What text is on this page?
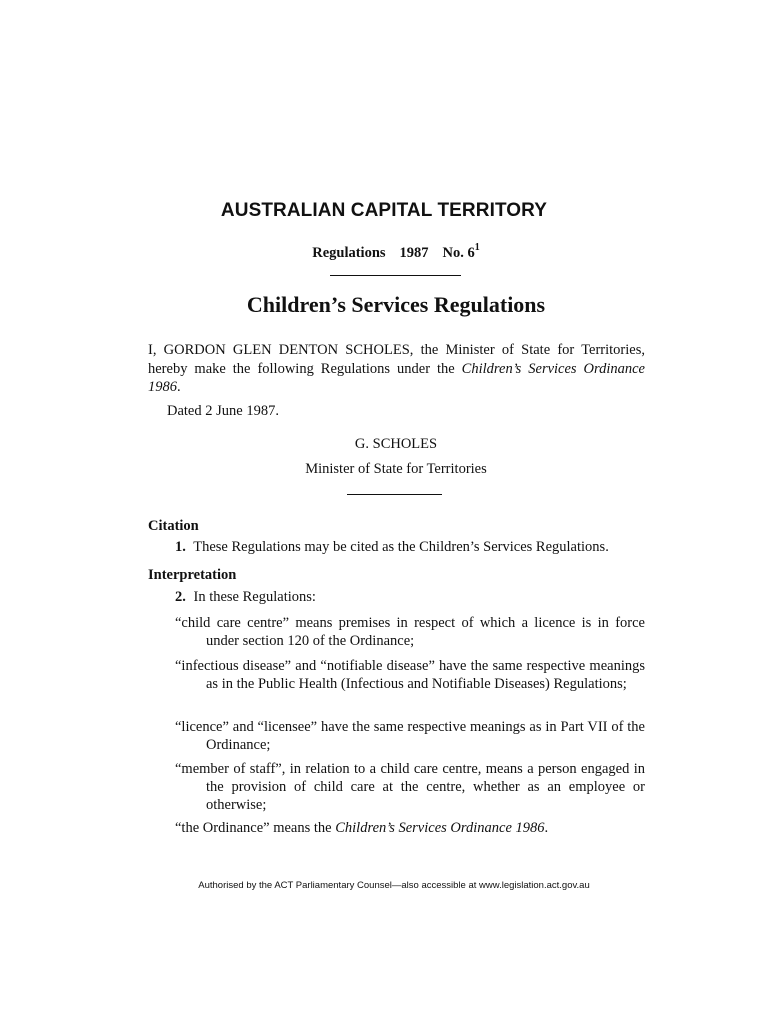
AUSTRALIAN CAPITAL TERRITORY
Regulations 1987 No. $6^1$
Children’s Services Regulations
I, GORDON GLEN DENTON SCHOLES, the Minister of State for Territories, hereby make the following Regulations under the Children’s Services Ordinance 1986.
Dated 2 June 1987.
G. SCHOLES
Minister of State for Territories
Citation
1. These Regulations may be cited as the Children’s Services Regulations.
Interpretation
2. In these Regulations:
“child care centre” means premises in respect of which a licence is in force under section 120 of the Ordinance;
“infectious disease” and “notifiable disease” have the same respective meanings as in the Public Health (Infectious and Notifiable Diseases) Regulations;
“licence” and “licensee” have the same respective meanings as in Part VII of the Ordinance;
“member of staff”, in relation to a child care centre, means a person engaged in the provision of child care at the centre, whether as an employee or otherwise;
“the Ordinance” means the Children’s Services Ordinance 1986.
Authorised by the ACT Parliamentary Counsel—also accessible at www.legislation.act.gov.au
